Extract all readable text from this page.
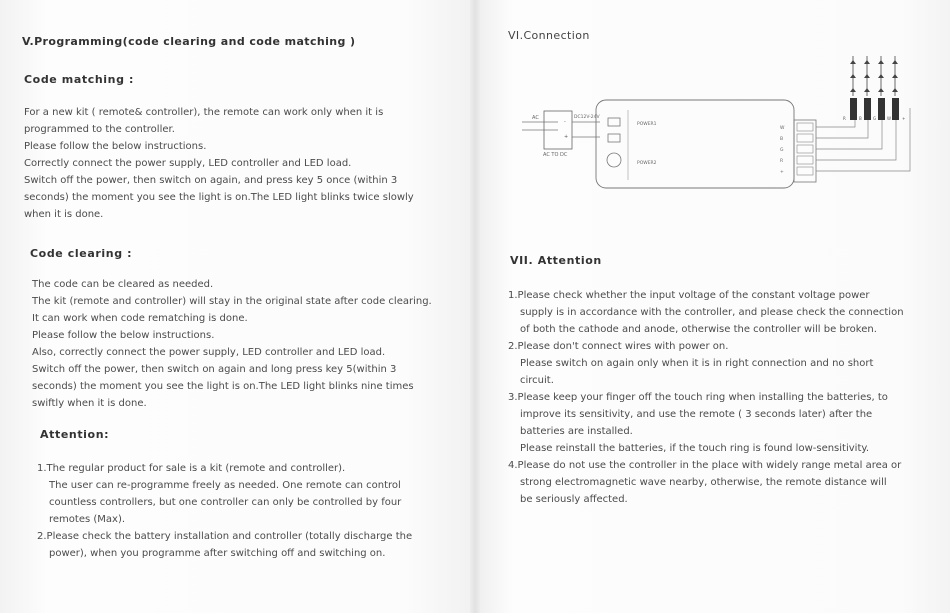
V.Programming(code clearing and code matching )
Code matching :
For a new kit ( remote& controller), the remote can work only when it is
programmed to the controller.
Please follow the below instructions.
Correctly connect the power supply, LED controller and LED load.
Switch off the power, then switch on again, and press key 5 once (within 3
seconds) the moment you see the light is on.The LED light blinks twice slowly
when it is done.
Code clearing :
The code can be cleared as needed.
The kit (remote and controller) will stay in the original state after code clearing.
It can work when code rematching is done.
Please follow the below instructions.
Also, correctly connect the power supply, LED controller and LED load.
Switch off the power, then switch on again and long press key 5(within 3
seconds) the moment you see the light is on.The LED light blinks nine times
swiftly when it is done.
Attention:
1.The regular product for sale is a kit (remote and controller).
The user can re-programme freely as needed. One remote can control
countless controllers, but one controller can only be controlled by four
remotes (Max).
2.Please check the battery installation and controller (totally discharge the
power), when you programme after switching off and switching on.
VI.Connection
AC
-
+
AC TO DC
DC12V-24V
POWER1
POWER2
W
B
G
R
+
R	B	G	W	+
VII. Attention
1.Please check whether the input voltage of the constant voltage power
supply is in accordance with the controller, and please check the connection
of both the cathode and anode, otherwise the controller will be broken.
2.Please don't connect wires with power on.
Please switch on again only when it is in right connection and no short
circuit.
3.Please keep your finger off the touch ring when installing the batteries, to
improve its sensitivity, and use the remote ( 3 seconds later) after the
batteries are installed.
Please reinstall the batteries, if the touch ring is found low-sensitivity.
4.Please do not use the controller in the place with widely range metal area or
strong electromagnetic wave nearby, otherwise, the remote distance will
be seriously affected.
